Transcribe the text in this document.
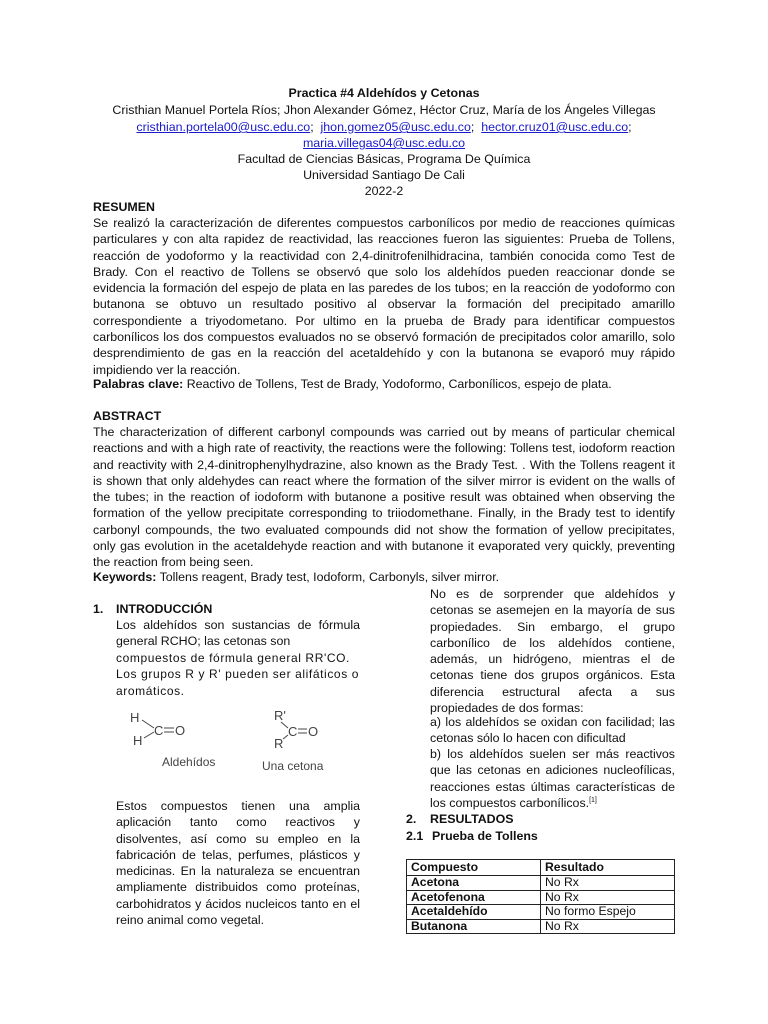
Practica #4 Aldehídos y Cetonas
Cristhian Manuel Portela Ríos; Jhon Alexander Gómez, Héctor Cruz, María de los Ángeles Villegas
cristhian.portela00@usc.edu.co; jhon.gomez05@usc.edu.co; hector.cruz01@usc.edu.co;
maria.villegas04@usc.edu.co
Facultad de Ciencias Básicas, Programa De Química
Universidad Santiago De Cali
2022-2
RESUMEN
Se realizó la caracterización de diferentes compuestos carbonílicos por medio de reacciones químicas particulares y con alta rapidez de reactividad, las reacciones fueron las siguientes: Prueba de Tollens, reacción de yodoformo y la reactividad con 2,4-dinitrofenilhidracina, también conocida como Test de Brady. Con el reactivo de Tollens se observó que solo los aldehídos pueden reaccionar donde se evidencia la formación del espejo de plata en las paredes de los tubos; en la reacción de yodoformo con butanona se obtuvo un resultado positivo al observar la formación del precipitado amarillo correspondiente a triyodometano. Por ultimo en la prueba de Brady para identificar compuestos carbonílicos los dos compuestos evaluados no se observó formación de precipitados color amarillo, solo desprendimiento de gas en la reacción del acetaldehído y con la butanona se evaporó muy rápido impidiendo ver la reacción.
Palabras clave: Reactivo de Tollens, Test de Brady, Yodoformo, Carbonílicos, espejo de plata.
ABSTRACT
The characterization of different carbonyl compounds was carried out by means of particular chemical reactions and with a high rate of reactivity, the reactions were the following: Tollens test, iodoform reaction and reactivity with 2,4-dinitrophenylhydrazine, also known as the Brady Test. . With the Tollens reagent it is shown that only aldehydes can react where the formation of the silver mirror is evident on the walls of the tubes; in the reaction of iodoform with butanone a positive result was obtained when observing the formation of the yellow precipitate corresponding to triiodomethane. Finally, in the Brady test to identify carbonyl compounds, the two evaluated compounds did not show the formation of yellow precipitates, only gas evolution in the acetaldehyde reaction and with butanone it evaporated very quickly, preventing the reaction from being seen.
Keywords: Tollens reagent, Brady test, Iodoform, Carbonyls, silver mirror.
1. INTRODUCCIÓN
Los aldehídos son sustancias de fórmula general RCHO; las cetonas son
compuestos de fórmula general RR'CO. Los grupos R y R' pueden ser alifáticos o aromáticos.
H
H
C O
Aldehídos
R'
R
C O
Una cetona
Estos compuestos tienen una amplia aplicación tanto como reactivos y disolventes, así como su empleo en la fabricación de telas, perfumes, plásticos y medicinas. En la naturaleza se encuentran ampliamente distribuidos como proteínas, carbohidratos y ácidos nucleicos tanto en el reino animal como vegetal.
No es de sorprender que aldehídos y cetonas se asemejen en la mayoría de sus propiedades. Sin embargo, el grupo carbonílico de los aldehídos contiene, además, un hidrógeno, mientras el de cetonas tiene dos grupos orgánicos. Esta diferencia estructural afecta a sus propiedades de dos formas:
a) los aldehídos se oxidan con facilidad; las cetonas sólo lo hacen con dificultad
b) los aldehídos suelen ser más reactivos que las cetonas en adiciones nucleofílicas, reacciones estas últimas características de los compuestos carbonílicos.[1]
2. RESULTADOS
2.1 Prueba de Tollens
Compuesto	Resultado
Acetona	No Rx
Acetofenona	No Rx
Acetaldehído	No formo Espejo
Butanona	No Rx
